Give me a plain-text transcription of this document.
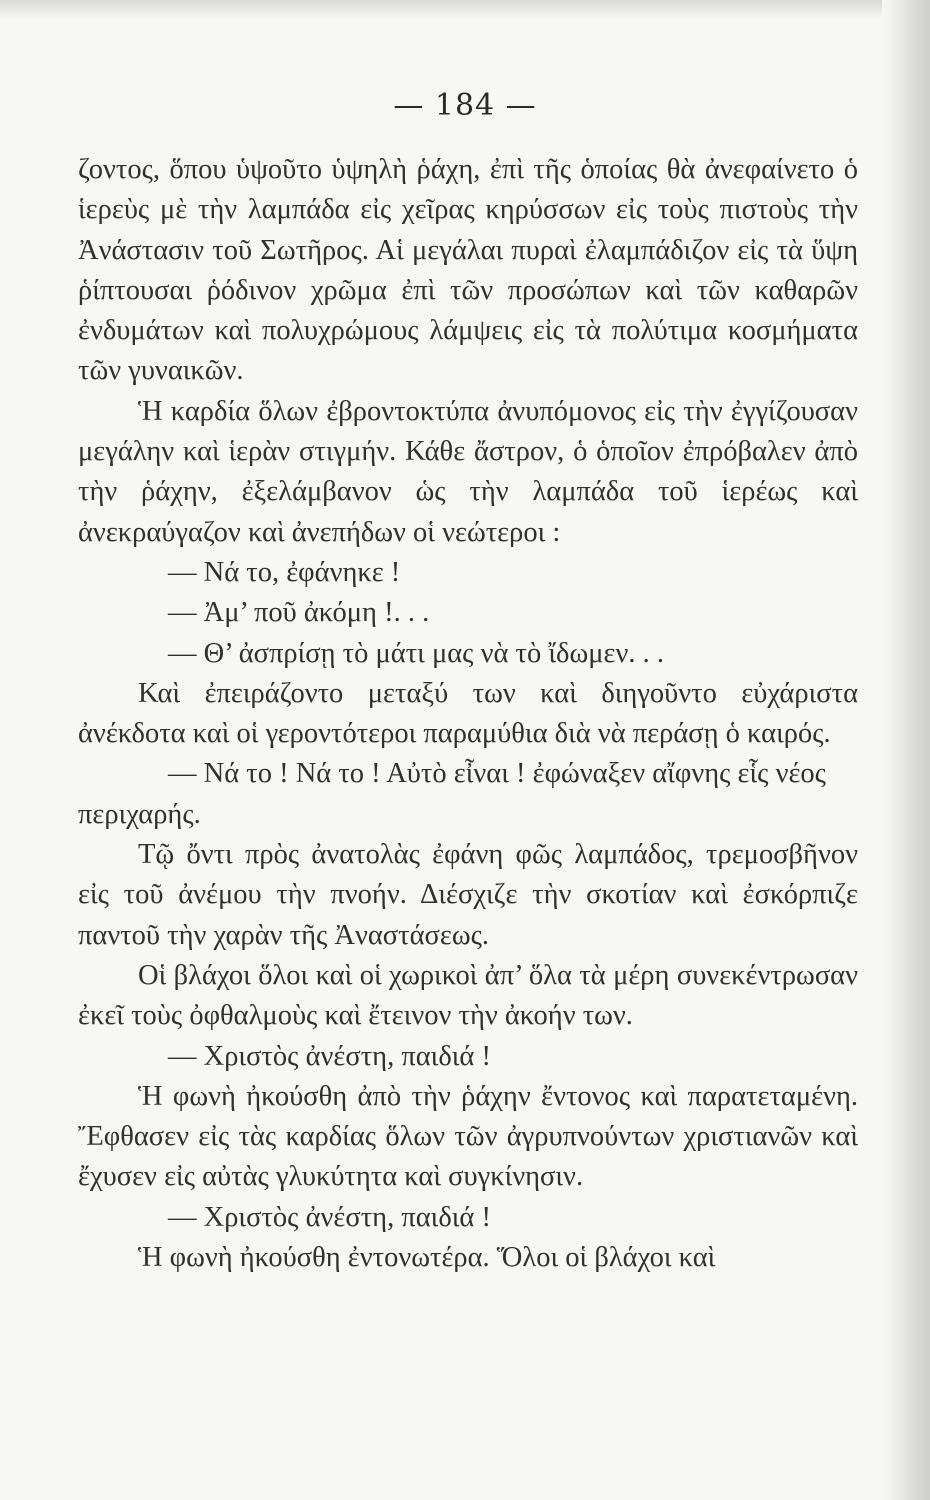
— 184 —

ζοντος, ὅπου ὑψοῦτο ὑψηλὴ ῥάχη, ἐπὶ τῆς ὁποίας θὰ ἀνεφαίνετο ὁ ἱερεὺς μὲ τὴν λαμπάδα εἰς χεῖρας κηρύσσων εἰς τοὺς πιστοὺς τὴν Ἀνάστασιν τοῦ Σωτῆρος. Αἱ μεγάλαι πυραὶ ἐλαμπάδιζον εἰς τὰ ὕψη ῥίπτουσαι ῥόδινον χρῶμα ἐπὶ τῶν προσώπων καὶ τῶν καθαρῶν ἐνδυμάτων καὶ πολυχρώμους λάμψεις εἰς τὰ πολύτιμα κοσμήματα τῶν γυναικῶν.

Ἡ καρδία ὅλων ἐβροντοκτύπα ἀνυπόμονος εἰς τὴν ἐγγίζουσαν μεγάλην καὶ ἱερὰν στιγμήν. Κάθε ἄστρον, ὁ ὁποῖον ἐπρόβαλεν ἀπὸ τὴν ῥάχην, ἐξελάμβανον ὡς τὴν λαμπάδα τοῦ ἱερέως καὶ ἀνεκραύγαζον καὶ ἀνεπήδων οἱ νεώτεροι :

— Νά το, ἐφάνηκε !

— Ἀμ’ ποῦ ἀκόμη !. . .

— Θ’ ἀσπρίσῃ τὸ μάτι μας νὰ τὸ ἴδωμεν. . .

Καὶ ἐπειράζοντο μεταξύ των καὶ διηγοῦντο εὐχάριστα ἀνέκδοτα καὶ οἱ γεροντότεροι παραμύθια διὰ νὰ περάσῃ ὁ καιρός.

— Νά το ! Νά το ! Αὐτὸ εἶναι ! ἐφώναξεν αἴφνης εἷς νέος περιχαρής.

Τῷ ὄντι πρὸς ἀνατολὰς ἐφάνη φῶς λαμπάδος, τρεμοσβῆνον εἰς τοῦ ἀνέμου τὴν πνοήν. Διέσχιζε τὴν σκοτίαν καὶ ἐσκόρπιζε παντοῦ τὴν χαρὰν τῆς Ἀναστάσεως.

Οἱ βλάχοι ὅλοι καὶ οἱ χωρικοὶ ἀπ’ ὅλα τὰ μέρη συνεκέντρωσαν ἐκεῖ τοὺς ὀφθαλμοὺς καὶ ἔτεινον τὴν ἀκοήν των.

— Χριστὸς ἀνέστη, παιδιά !

Ἡ φωνὴ ἠκούσθη ἀπὸ τὴν ῥάχην ἔντονος καὶ παρατεταμένη. Ἔφθασεν εἰς τὰς καρδίας ὅλων τῶν ἀγρυπνούντων χριστιανῶν καὶ ἔχυσεν εἰς αὐτὰς γλυκύτητα καὶ συγκίνησιν.

— Χριστὸς ἀνέστη, παιδιά !

Ἡ φωνὴ ἠκούσθη ἐντονωτέρα. Ὅλοι οἱ βλάχοι καὶ
